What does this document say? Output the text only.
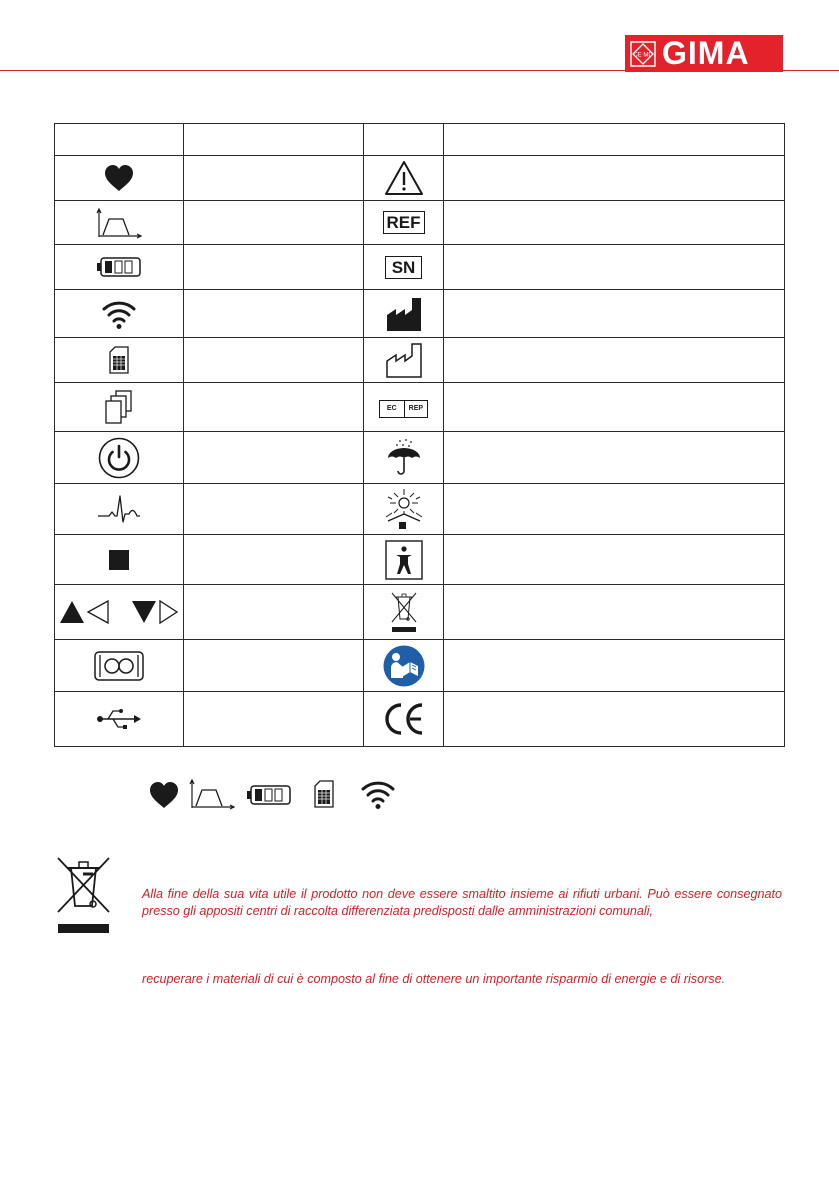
CE MD GIMA

		REF	

		SN	

EC REP	

Alla fine della sua vita utile il prodotto non deve essere smaltito insieme ai rifiuti urbani. Può essere consegnato presso gli appositi centri di raccolta differenziata predisposti dalle amministrazioni comunali,

recuperare i materiali di cui è composto al fine di ottenere un importante risparmio di energie e di risorse.
